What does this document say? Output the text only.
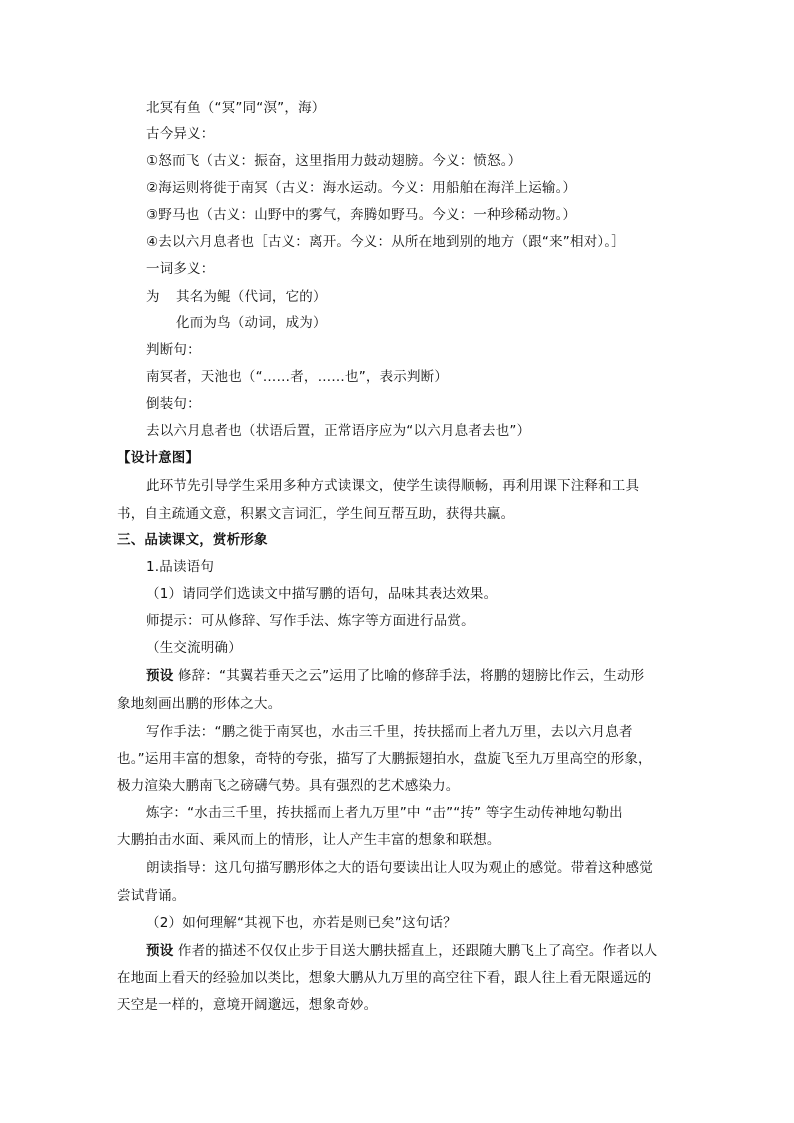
北冥有鱼（“冥”同“溟”，海）
古今异义：
①怒而飞（古义：振奋，这里指用力鼓动翅膀。今义：愤怒。）
②海运则将徙于南冥（古义：海水运动。今义：用船舶在海洋上运输。）
③野马也（古义：山野中的雾气，奔腾如野马。今义：一种珍稀动物。）
④去以六月息者也［古义：离开。今义：从所在地到别的地方（跟“来”相对）。］
一词多义：
为 其名为鲲（代词，它的）
化而为鸟（动词，成为）
判断句：
南冥者，天池也（“……者，……也”，表示判断）
倒装句：
去以六月息者也（状语后置，正常语序应为“以六月息者去也”）
【设计意图】
此环节先引导学生采用多种方式读课文，使学生读得顺畅，再利用课下注释和工具
书，自主疏通文意，积累文言词汇，学生间互帮互助，获得共赢。
三、品读课文，赏析形象
1.品读语句
（1）请同学们选读文中描写鹏的语句，品味其表达效果。
师提示：可从修辞、写作手法、炼字等方面进行品赏。
（生交流明确）
预设 修辞：“其翼若垂天之云”运用了比喻的修辞手法，将鹏的翅膀比作云，生动形
象地刻画出鹏的形体之大。
写作手法：“鹏之徙于南冥也，水击三千里，抟扶摇而上者九万里，去以六月息者
也。”运用丰富的想象，奇特的夸张，描写了大鹏振翅拍水，盘旋飞至九万里高空的形象，
极力渲染大鹏南飞之磅礴气势。具有强烈的艺术感染力。
炼字：“水击三千里，抟扶摇而上者九万里”中 “击”“抟” 等字生动传神地勾勒出
大鹏拍击水面、乘风而上的情形，让人产生丰富的想象和联想。
朗读指导：这几句描写鹏形体之大的语句要读出让人叹为观止的感觉。带着这种感觉
尝试背诵。
（2）如何理解“其视下也，亦若是则已矣”这句话？
预设 作者的描述不仅仅止步于目送大鹏扶摇直上，还跟随大鹏飞上了高空。作者以人
在地面上看天的经验加以类比，想象大鹏从九万里的高空往下看，跟人往上看无限遥远的
天空是一样的，意境开阔邈远，想象奇妙。
